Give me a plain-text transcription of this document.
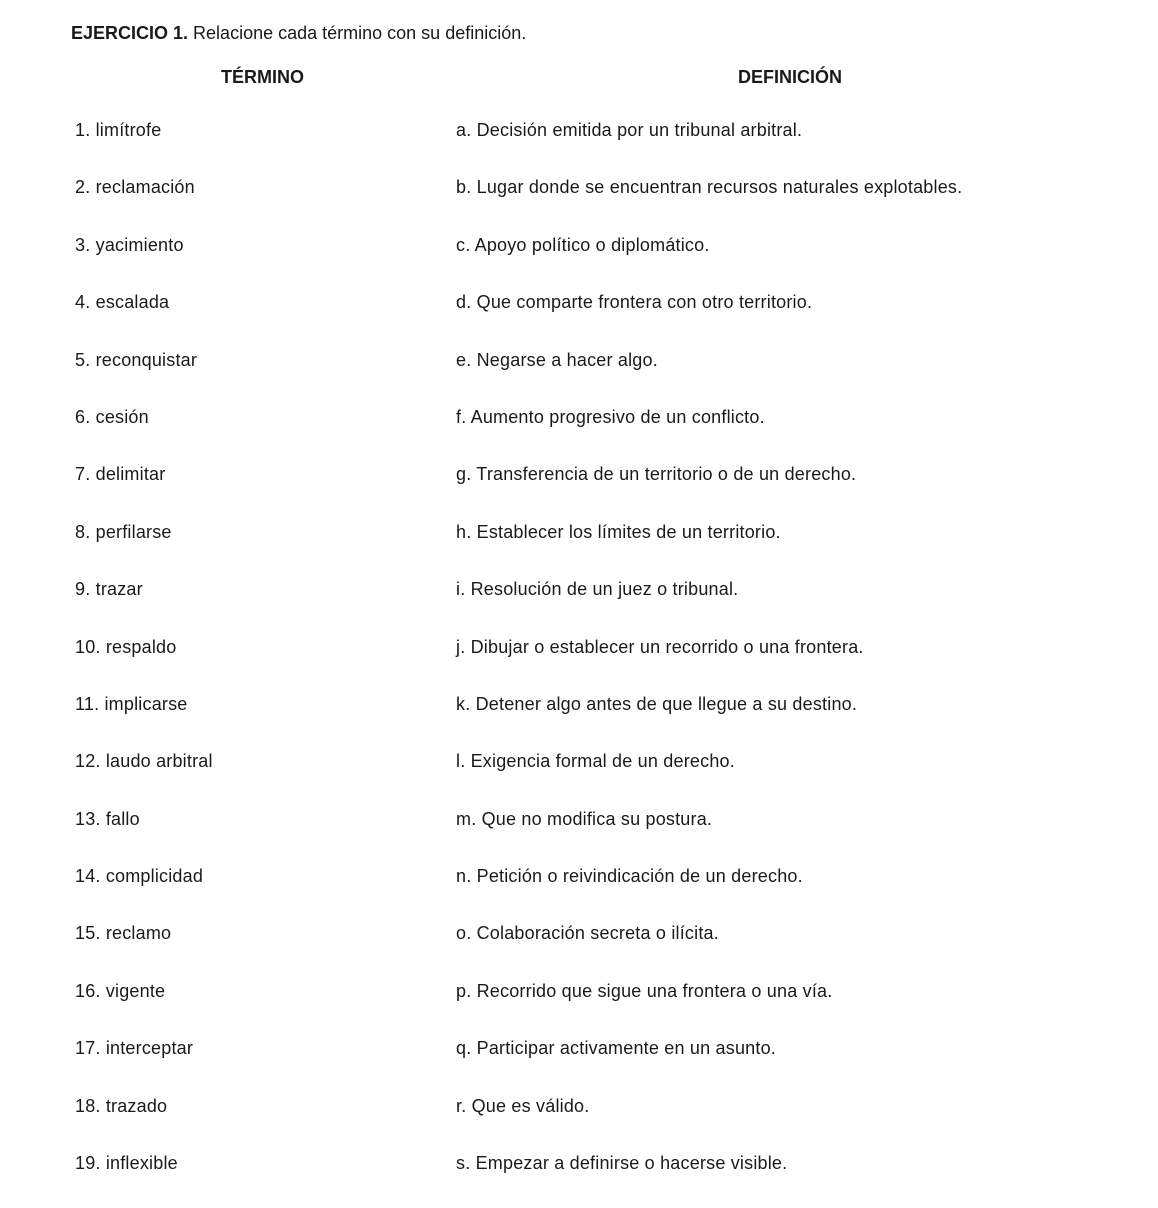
EJERCICIO 1. Relacione cada término con su definición.
TÉRMINO	DEFINICIÓN
1. limítrofe	a. Decisión emitida por un tribunal arbitral.
2. reclamación	b. Lugar donde se encuentran recursos naturales explotables.
3. yacimiento	c. Apoyo político o diplomático.
4. escalada	d. Que comparte frontera con otro territorio.
5. reconquistar	e. Negarse a hacer algo.
6. cesión	f. Aumento progresivo de un conflicto.
7. delimitar	g. Transferencia de un territorio o de un derecho.
8. perfilarse	h. Establecer los límites de un territorio.
9. trazar	i. Resolución de un juez o tribunal.
10. respaldo	j. Dibujar o establecer un recorrido o una frontera.
11. implicarse	k. Detener algo antes de que llegue a su destino.
12. laudo arbitral	l. Exigencia formal de un derecho.
13. fallo	m. Que no modifica su postura.
14. complicidad	n. Petición o reivindicación de un derecho.
15. reclamo	o. Colaboración secreta o ilícita.
16. vigente	p. Recorrido que sigue una frontera o una vía.
17. interceptar	q. Participar activamente en un asunto.
18. trazado	r. Que es válido.
19. inflexible	s. Empezar a definirse o hacerse visible.
